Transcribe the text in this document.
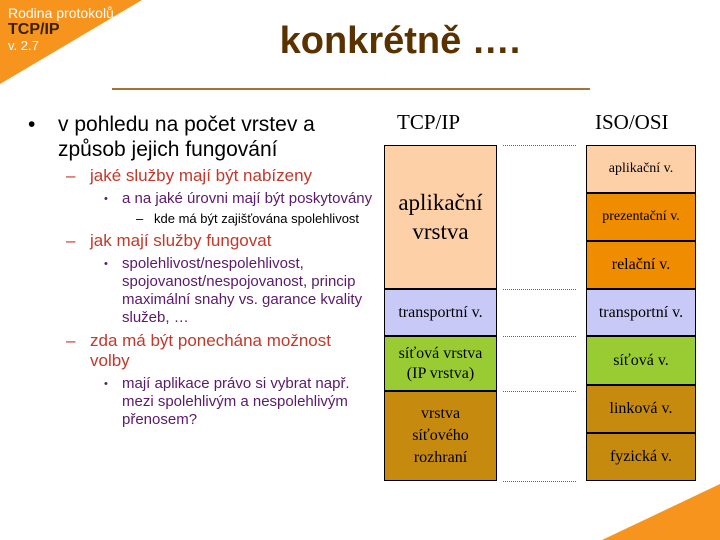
Rodina protokolů
TCP/IP
v. 2.7	konkrétně ….
•	v pohledu na počet vrstev a způsob jejich fungování
– jaké služby mají být nabízeny
• a na jaké úrovni mají být poskytovány
– kde má být zajišťována spolehlivost
– jak mají služby fungovat
• spolehlivost/nespolehlivost, spojovanost/nespojovanost, princip maximální snahy vs. garance kvality služeb, …
– zda má být ponechána možnost volby
• mají aplikace právo si vybrat např. mezi spolehlivým a nespolehlivým přenosem?
TCP/IP
aplikační vrstva
transportní v.
síťová vrstva
(IP vrstva)
vrstva síťového rozhraní
ISO/OSI
aplikační v.
prezentační v.
relační v.
transportní v.
síťová v.
linková v.
fyzická v.
